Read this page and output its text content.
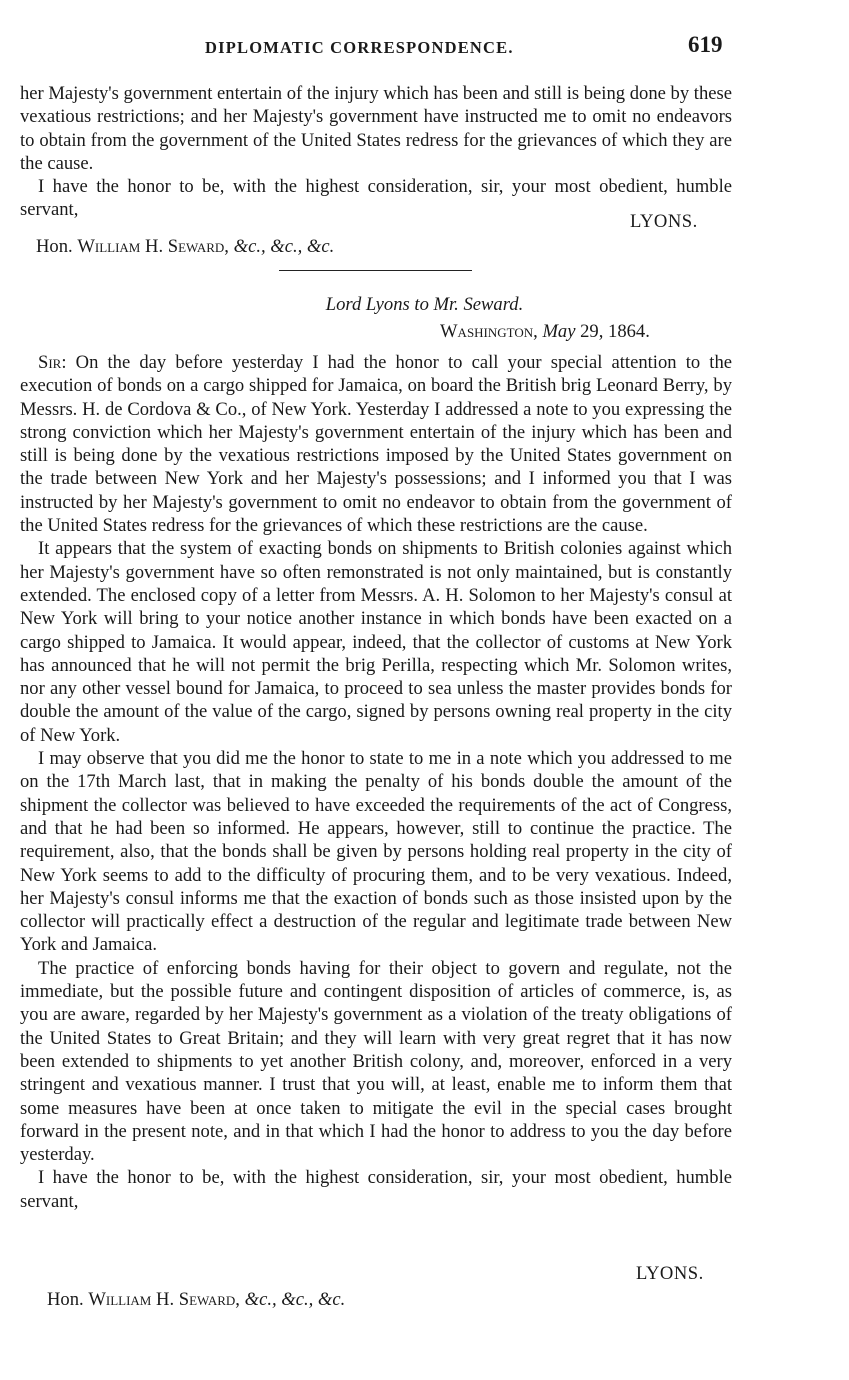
DIPLOMATIC CORRESPONDENCE.	619

her Majesty's government entertain of the injury which has been and still is being done by these vexatious restrictions; and her Majesty's government have instructed me to omit no endeavors to obtain from the government of the United States redress for the grievances of which they are the cause.

I have the honor to be, with the highest consideration, sir, your most obedient, humble servant,

LYONS.
Hon. William H. Seward, &c., &c., &c.
Lord Lyons to Mr. Seward.
Washington, May 29, 1864.

Sir: On the day before yesterday I had the honor to call your special attention to the execution of bonds on a cargo shipped for Jamaica, on board the British brig Leonard Berry, by Messrs. H. de Cordova & Co., of New York. Yesterday I addressed a note to you expressing the strong conviction which her Majesty's government entertain of the injury which has been and still is being done by the vexatious restrictions imposed by the United States government on the trade between New York and her Majesty's possessions; and I informed you that I was instructed by her Majesty's government to omit no endeavor to obtain from the government of the United States redress for the grievances of which these restrictions are the cause.

It appears that the system of exacting bonds on shipments to British colonies against which her Majesty's government have so often remonstrated is not only maintained, but is constantly extended. The enclosed copy of a letter from Messrs. A. H. Solomon to her Majesty's consul at New York will bring to your notice another instance in which bonds have been exacted on a cargo shipped to Jamaica. It would appear, indeed, that the collector of customs at New York has announced that he will not permit the brig Perilla, respecting which Mr. Solomon writes, nor any other vessel bound for Jamaica, to proceed to sea unless the master provides bonds for double the amount of the value of the cargo, signed by persons owning real property in the city of New York.

I may observe that you did me the honor to state to me in a note which you addressed to me on the 17th March last, that in making the penalty of his bonds double the amount of the shipment the collector was believed to have exceeded the requirements of the act of Congress, and that he had been so informed. He appears, however, still to continue the practice. The requirement, also, that the bonds shall be given by persons holding real property in the city of New York seems to add to the difficulty of procuring them, and to be very vexatious. Indeed, her Majesty's consul informs me that the exaction of bonds such as those insisted upon by the collector will practically effect a destruction of the regular and legitimate trade between New York and Jamaica.

The practice of enforcing bonds having for their object to govern and regulate, not the immediate, but the possible future and contingent disposition of articles of commerce, is, as you are aware, regarded by her Majesty's government as a violation of the treaty obligations of the United States to Great Britain; and they will learn with very great regret that it has now been extended to shipments to yet another British colony, and, moreover, enforced in a very stringent and vexatious manner. I trust that you will, at least, enable me to inform them that some measures have been at once taken to mitigate the evil in the special cases brought forward in the present note, and in that which I had the honor to address to you the day before yesterday.

I have the honor to be, with the highest consideration, sir, your most obedient, humble servant,

LYONS.
Hon. William H. Seward, &c., &c., &c.
